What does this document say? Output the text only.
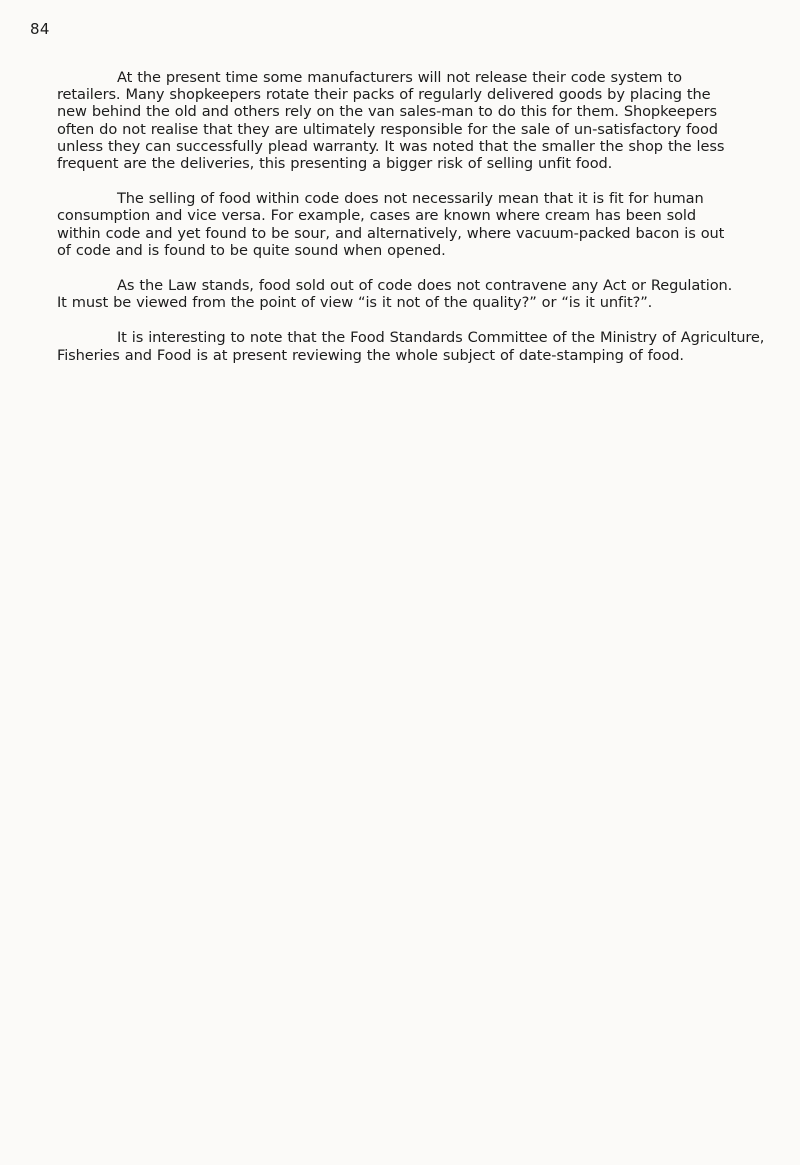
84

At the present time some manufacturers will not release their code system to retailers. Many shopkeepers rotate their packs of regularly delivered goods by placing the new behind the old and others rely on the van sales-man to do this for them. Shopkeepers often do not realise that they are ultimately responsible for the sale of un-satisfactory food unless they can successfully plead warranty. It was noted that the smaller the shop the less frequent are the deliveries, this presenting a bigger risk of selling unfit food.

The selling of food within code does not necessarily mean that it is fit for human consumption and vice versa. For example, cases are known where cream has been sold within code and yet found to be sour, and alternatively, where vacuum-packed bacon is out of code and is found to be quite sound when opened.

As the Law stands, food sold out of code does not contravene any Act or Regulation. It must be viewed from the point of view “is it not of the quality?” or “is it unfit?”.

It is interesting to note that the Food Standards Committee of the Ministry of Agriculture, Fisheries and Food is at present reviewing the whole subject of date-stamping of food.
